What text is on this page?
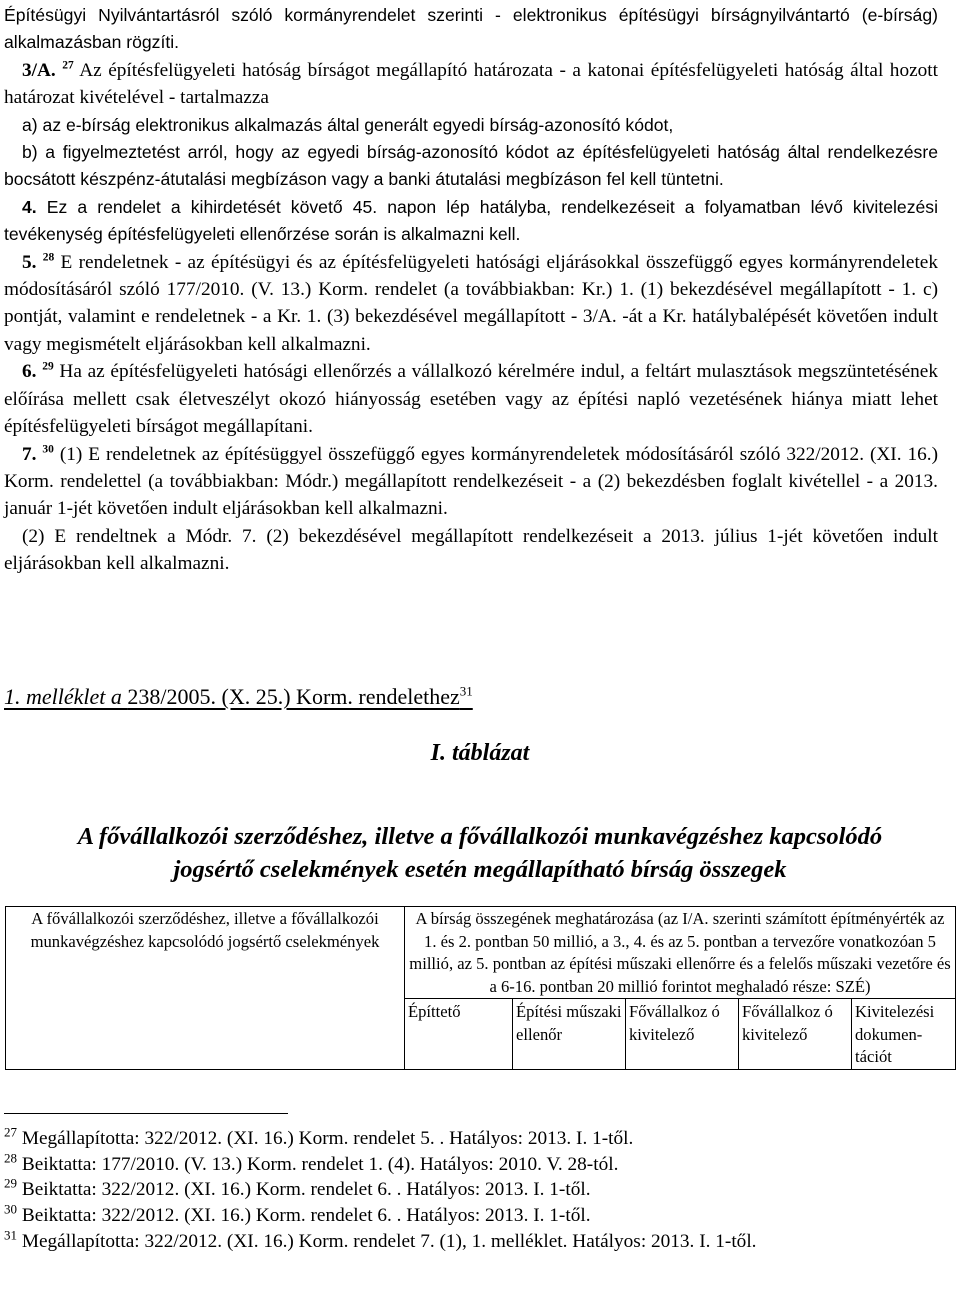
Építésügyi Nyilvántartásról szóló kormányrendelet szerinti - elektronikus építésügyi bírságnyilvántartó (e-bírság) alkalmazásban rögzíti.

3/A. $^{27}$ Az építésfelügyeleti hatóság bírságot megállapító határozata - a katonai építésfelügyeleti hatóság által hozott határozat kivételével - tartalmazza

a) az e-bírság elektronikus alkalmazás által generált egyedi bírság-azonosító kódot,

b) a figyelmeztetést arról, hogy az egyedi bírság-azonosító kódot az építésfelügyeleti hatóság által rendelkezésre bocsátott készpénz-átutalási megbízáson vagy a banki átutalási megbízáson fel kell tüntetni.

4. Ez a rendelet a kihirdetését követő 45. napon lép hatályba, rendelkezéseit a folyamatban lévő kivitelezési tevékenység építésfelügyeleti ellenőrzése során is alkalmazni kell.

5. $^{28}$ E rendeletnek - az építésügyi és az építésfelügyeleti hatósági eljárásokkal összefüggő egyes kormányrendeletek módosításáról szóló 177/2010. (V. 13.) Korm. rendelet (a továbbiakban: Kr.) 1. (1) bekezdésével megállapított - 1. c) pontját, valamint e rendeletnek - a Kr. 1. (3) bekezdésével megállapított - 3/A. -át a Kr. hatálybalépését követően indult vagy megismételt eljárásokban kell alkalmazni.

6. $^{29}$ Ha az építésfelügyeleti hatósági ellenőrzés a vállalkozó kérelmére indul, a feltárt mulasztások megszüntetésének előírása mellett csak életveszélyt okozó hiányosság esetében vagy az építési napló vezetésének hiánya miatt lehet építésfelügyeleti bírságot megállapítani.

7. $^{30}$ (1) E rendeletnek az építésüggyel összefüggő egyes kormányrendeletek módosításáról szóló 322/2012. (XI. 16.) Korm. rendelettel (a továbbiakban: Módr.) megállapított rendelkezéseit - a (2) bekezdésben foglalt kivétellel - a 2013. január 1-jét követően indult eljárásokban kell alkalmazni.

(2) E rendeltnek a Módr. 7. (2) bekezdésével megállapított rendelkezéseit a 2013. július 1-jét követően indult eljárásokban kell alkalmazni.

1. melléklet a 238/2005. (X. 25.) Korm. rendelethez$^{31}$
I. táblázat
A fővállalkozói szerződéshez, illetve a fővállalkozói munkavégzéshez kapcsolódó
jogsértő cselekmények esetén megállapítható bírság összegek
A fővállalkozói szerződéshez, illetve a fővállalkozói munkavégzéshez kapcsolódó jogsértő cselekmények	A bírság összegének meghatározása (az I/A. szerinti számított építményérték az 1. és 2. pontban 50 millió, a 3., 4. és az 5. pontban a tervezőre vonatkozóan 5 millió, az 5. pontban az építési műszaki ellenőrre és a felelős műszaki vezetőre és a 6-16. pontban 20 millió forintot meghaladó része: SZÉ)				
	Építtető	Építési műszaki ellenőr	Fővállalkoz ó kivitelező	Fővállalkoz ó kivitelező	Kivitelezési dokumen-tációt

$^{27}$ Megállapította: 322/2012. (XI. 16.) Korm. rendelet 5. . Hatályos: 2013. I. 1-től.

$^{28}$ Beiktatta: 177/2010. (V. 13.) Korm. rendelet 1. (4). Hatályos: 2010. V. 28-tól.

$^{29}$ Beiktatta: 322/2012. (XI. 16.) Korm. rendelet 6. . Hatályos: 2013. I. 1-től.

$^{30}$ Beiktatta: 322/2012. (XI. 16.) Korm. rendelet 6. . Hatályos: 2013. I. 1-től.

$^{31}$ Megállapította: 322/2012. (XI. 16.) Korm. rendelet 7. (1), 1. melléklet. Hatályos: 2013. I. 1-től.
